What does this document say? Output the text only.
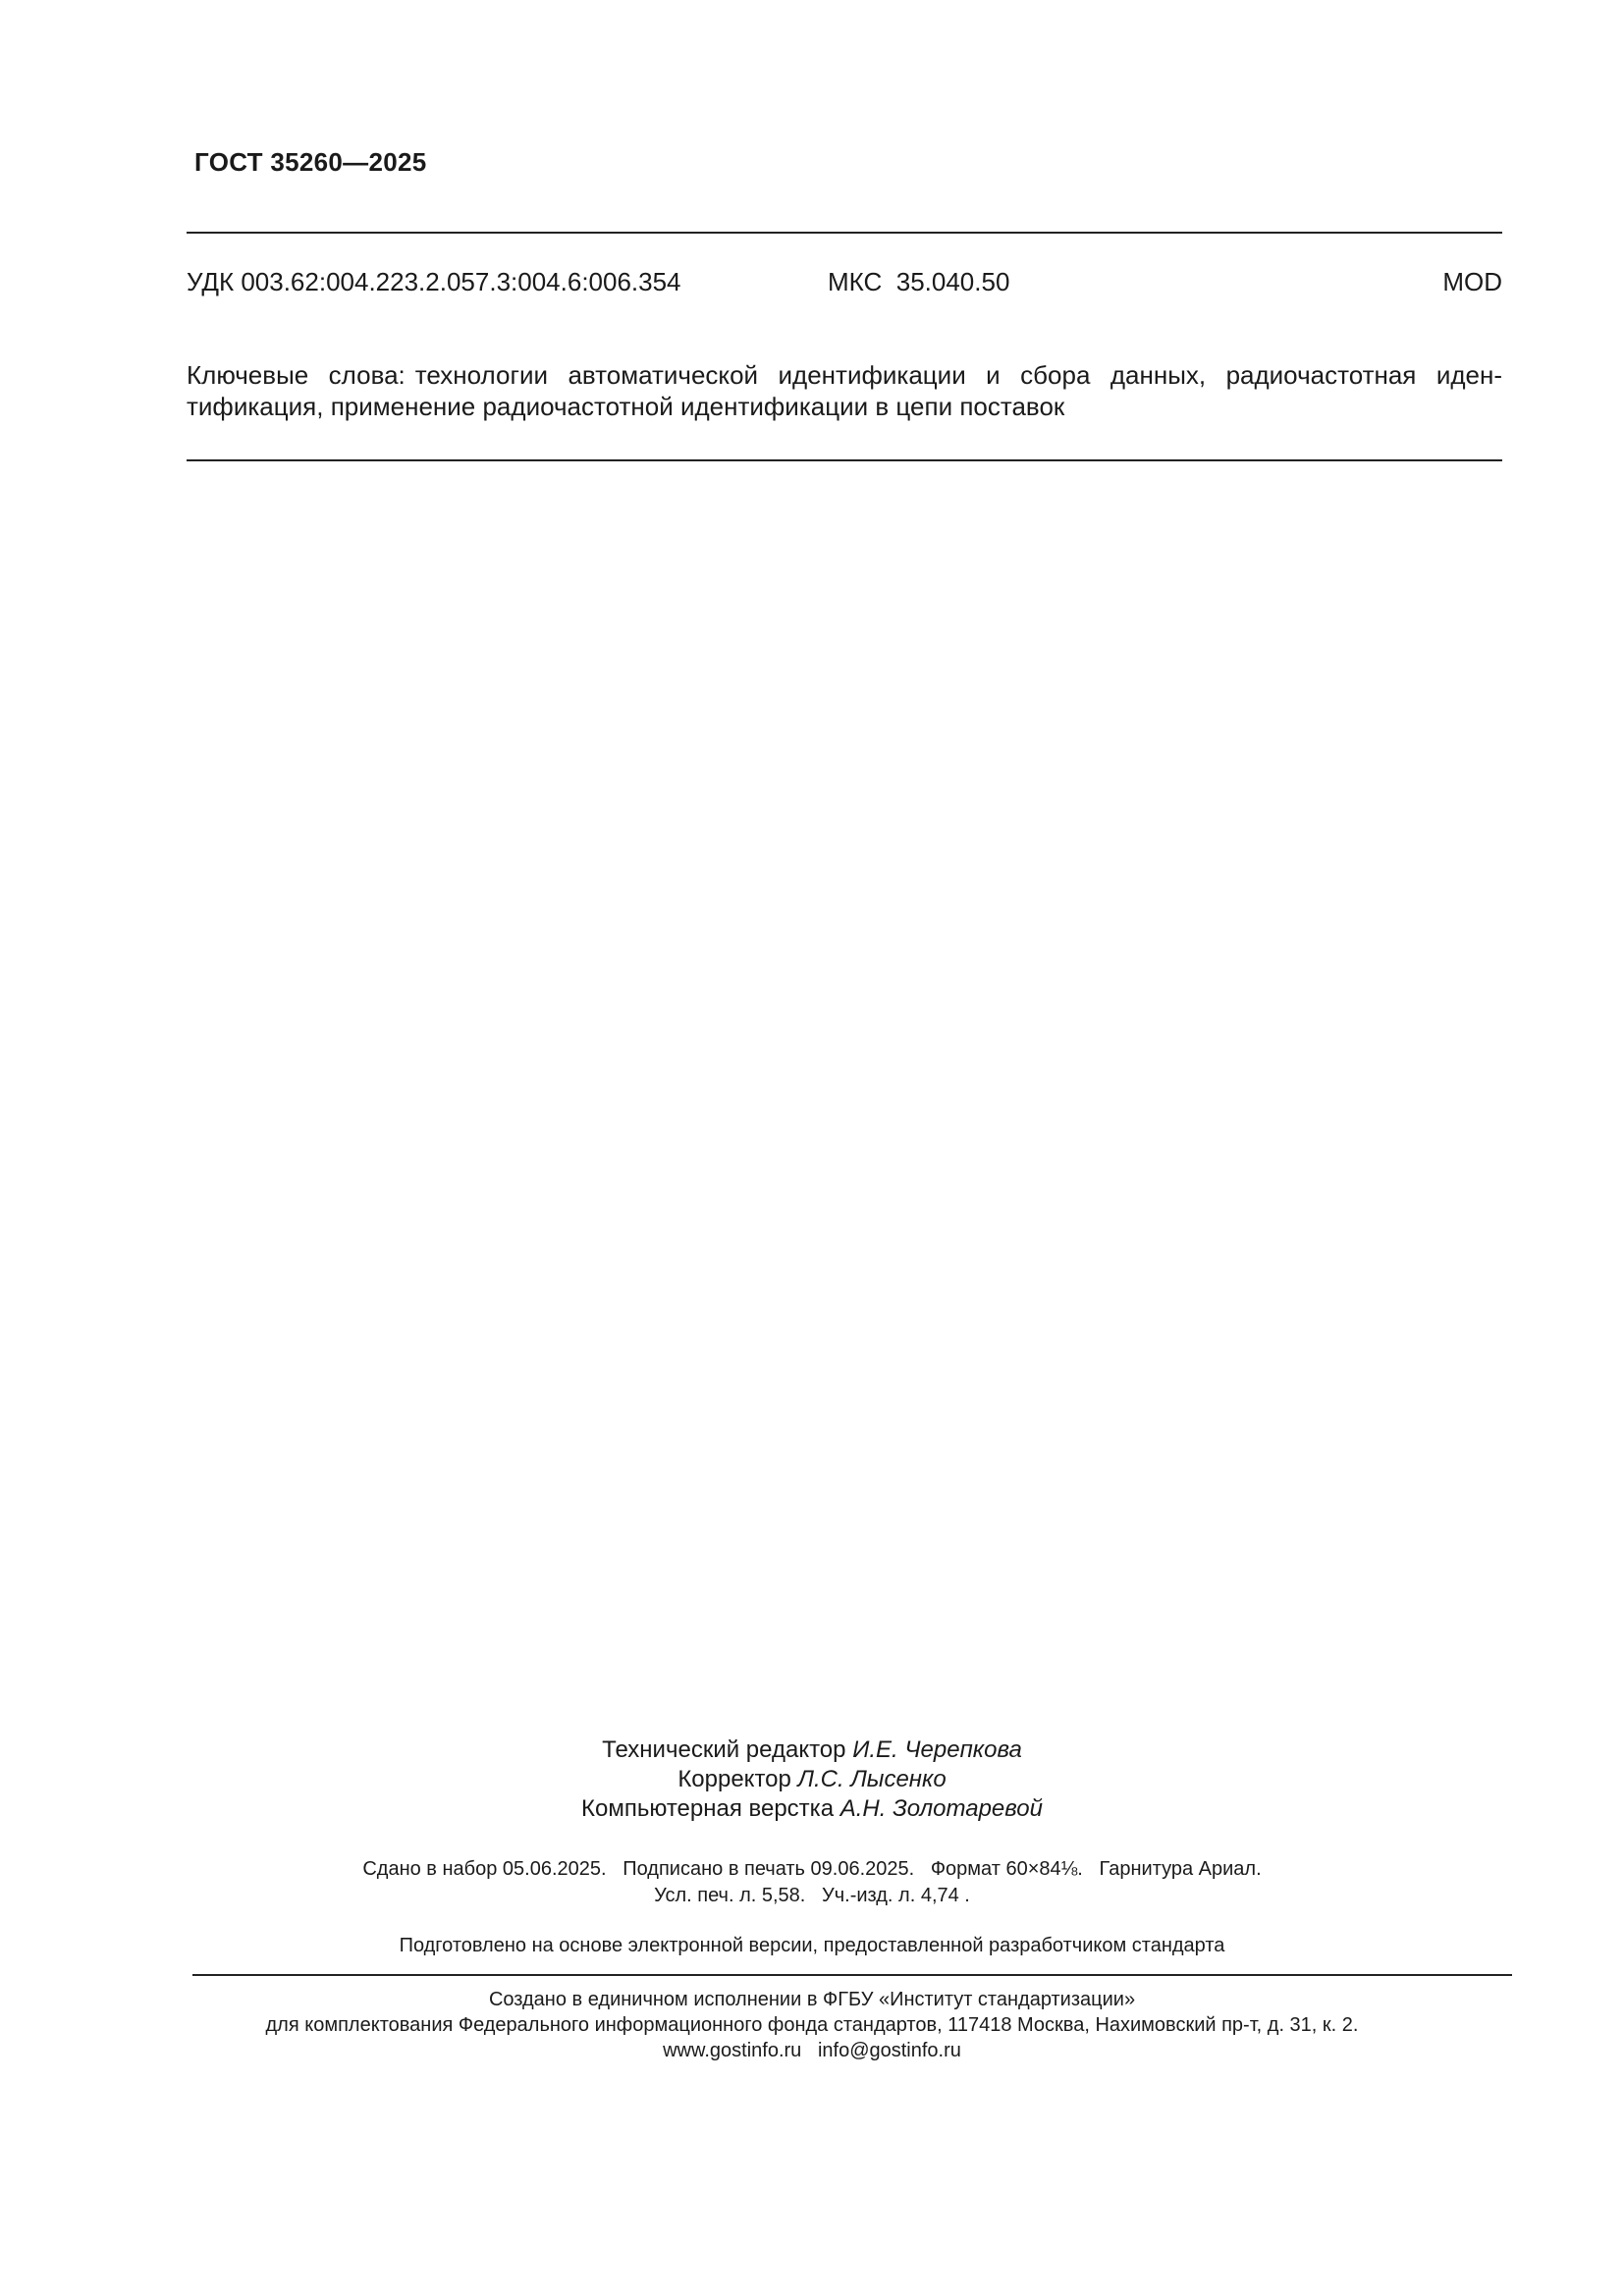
ГОСТ 35260—2025
УДК 003.62:004.223.2.057.3:004.6:006.354	МКС  35.040.50	MOD
Ключевые слова: технологии автоматической идентификации и сбора данных, радиочастотная иден- тификация, применение радиочастотной идентификации в цепи поставок
Технический редактор И.Е. Черепкова
Корректор Л.С. Лысенко
Компьютерная верстка А.Н. Золотаревой
Сдано в набор 05.06.2025.   Подписано в печать 09.06.2025.   Формат 60×84⅛.   Гарнитура Ариал.
Усл. печ. л. 5,58.   Уч.-изд. л. 4,74 .
Подготовлено на основе электронной версии, предоставленной разработчиком стандарта
Создано в единичном исполнении в ФГБУ «Институт стандартизации»
для комплектования Федерального информационного фонда стандартов, 117418 Москва, Нахимовский пр-т, д. 31, к. 2.
www.gostinfo.ru   info@gostinfo.ru
